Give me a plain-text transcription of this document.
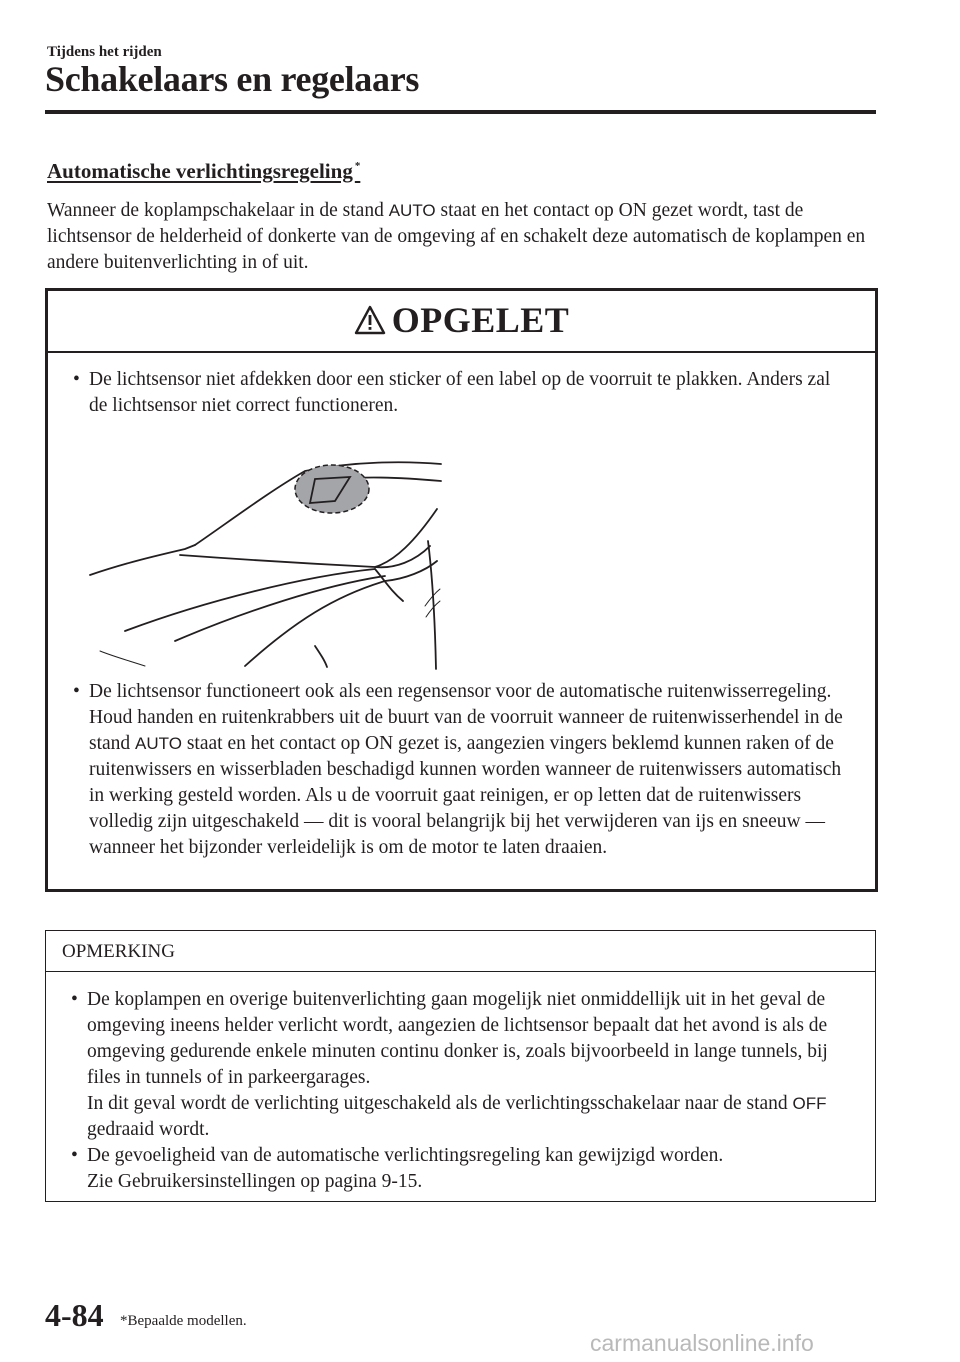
Tijdens het rijden
Schakelaars en regelaars
Automatische verlichtingsregeling *
Wanneer de koplampschakelaar in de stand AUTO staat en het contact op ON gezet wordt, tast de lichtsensor de helderheid of donkerte van de omgeving af en schakelt deze automatisch de koplampen en andere buitenverlichting in of uit.
OPGELET
• De lichtsensor niet afdekken door een sticker of een label op de voorruit te plakken. Anders zal de lichtsensor niet correct functioneren.
• De lichtsensor functioneert ook als een regensensor voor de automatische ruitenwisserregeling. Houd handen en ruitenkrabbers uit de buurt van de voorruit wanneer de ruitenwisserhendel in de stand AUTO staat en het contact op ON gezet is, aangezien vingers beklemd kunnen raken of de ruitenwissers en wisserbladen beschadigd kunnen worden wanneer de ruitenwissers automatisch in werking gesteld worden. Als u de voorruit gaat reinigen, er op letten dat de ruitenwissers volledig zijn uitgeschakeld — dit is vooral belangrijk bij het verwijderen van ijs en sneeuw — wanneer het bijzonder verleidelijk is om de motor te laten draaien.
OPMERKING
• De koplampen en overige buitenverlichting gaan mogelijk niet onmiddellijk uit in het geval de omgeving ineens helder verlicht wordt, aangezien de lichtsensor bepaalt dat het avond is als de omgeving gedurende enkele minuten continu donker is, zoals bijvoorbeeld in lange tunnels, bij files in tunnels of in parkeergarages.
In dit geval wordt de verlichting uitgeschakeld als de verlichtingsschakelaar naar de stand OFF gedraaid wordt.
• De gevoeligheid van de automatische verlichtingsregeling kan gewijzigd worden.
Zie Gebruikersinstellingen op pagina 9-15.
4-84 *Bepaalde modellen.
carmanualsonline.info
